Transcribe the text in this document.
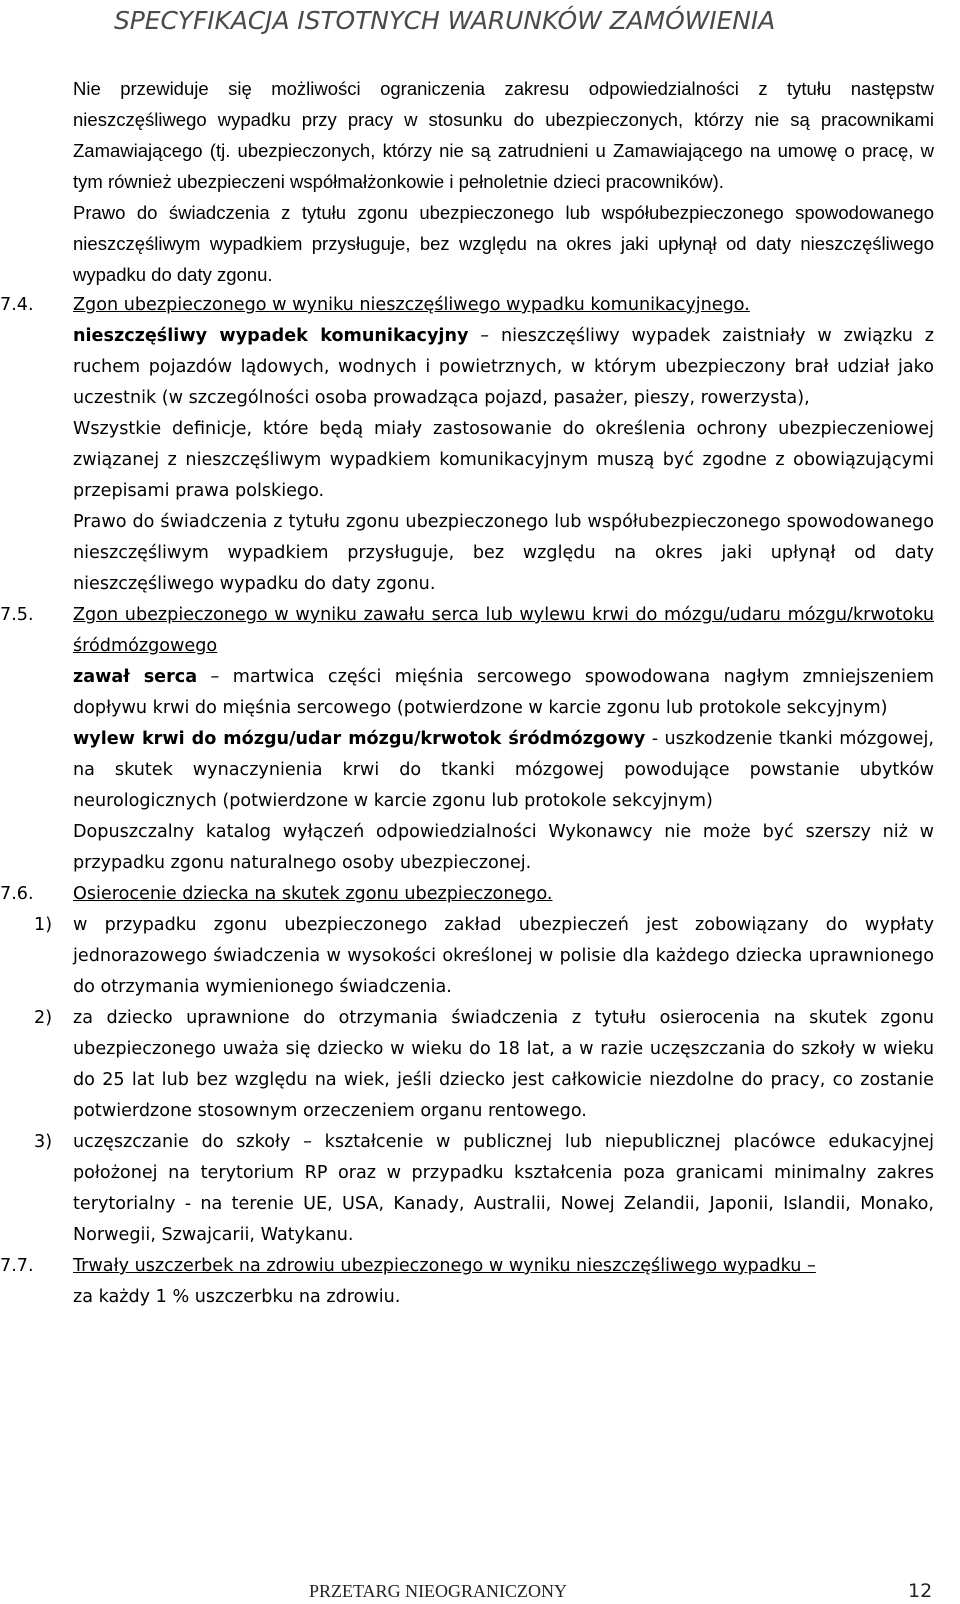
SPECYFIKACJA ISTOTNYCH WARUNKÓW ZAMÓWIENIA
Nie przewiduje się możliwości ograniczenia zakresu odpowiedzialności z tytułu następstw nieszczęśliwego wypadku przy pracy w stosunku do ubezpieczonych, którzy nie są pracownikami Zamawiającego (tj. ubezpieczonych, którzy nie są zatrudnieni u Zamawiającego na umowę o pracę, w tym również ubezpieczeni współmałżonkowie i pełnoletnie dzieci pracowników).
Prawo do świadczenia z tytułu zgonu ubezpieczonego lub współubezpieczonego spowodowanego nieszczęśliwym wypadkiem przysługuje, bez względu na okres jaki upłynął od daty nieszczęśliwego wypadku do daty zgonu.
7.4. Zgon ubezpieczonego w wyniku nieszczęśliwego wypadku komunikacyjnego.
nieszczęśliwy wypadek komunikacyjny – nieszczęśliwy wypadek zaistniały w związku z ruchem pojazdów lądowych, wodnych i powietrznych, w którym ubezpieczony brał udział jako uczestnik (w szczególności osoba prowadząca pojazd, pasażer, pieszy, rowerzysta),
Wszystkie definicje, które będą miały zastosowanie do określenia ochrony ubezpieczeniowej związanej z nieszczęśliwym wypadkiem komunikacyjnym muszą być zgodne z obowiązującymi przepisami prawa polskiego.
Prawo do świadczenia z tytułu zgonu ubezpieczonego lub współubezpieczonego spowodowanego nieszczęśliwym wypadkiem przysługuje, bez względu na okres jaki upłynął od daty nieszczęśliwego wypadku do daty zgonu.
7.5. Zgon ubezpieczonego w wyniku zawału serca lub wylewu krwi do mózgu/udaru mózgu/krwotoku śródmózgowego
zawał serca – martwica części mięśnia sercowego spowodowana nagłym zmniejszeniem dopływu krwi do mięśnia sercowego (potwierdzone w karcie zgonu lub protokole sekcyjnym)
wylew krwi do mózgu/udar mózgu/krwotok śródmózgowy - uszkodzenie tkanki mózgowej, na skutek wynaczynienia krwi do tkanki mózgowej powodujące powstanie ubytków neurologicznych (potwierdzone w karcie zgonu lub protokole sekcyjnym)
Dopuszczalny katalog wyłączeń odpowiedzialności Wykonawcy nie może być szerszy niż w przypadku zgonu naturalnego osoby ubezpieczonej.
7.6. Osierocenie dziecka na skutek zgonu ubezpieczonego.
1) w przypadku zgonu ubezpieczonego zakład ubezpieczeń jest zobowiązany do wypłaty jednorazowego świadczenia w wysokości określonej w polisie dla każdego dziecka uprawnionego do otrzymania wymienionego świadczenia.
2) za dziecko uprawnione do otrzymania świadczenia z tytułu osierocenia na skutek zgonu ubezpieczonego uważa się dziecko w wieku do 18 lat, a w razie uczęszczania do szkoły w wieku do 25 lat lub bez względu na wiek, jeśli dziecko jest całkowicie niezdolne do pracy, co zostanie potwierdzone stosownym orzeczeniem organu rentowego.
3) uczęszczanie do szkoły – kształcenie w publicznej lub niepublicznej placówce edukacyjnej położonej na terytorium RP oraz w przypadku kształcenia poza granicami minimalny zakres terytorialny - na terenie UE, USA, Kanady, Australii, Nowej Zelandii, Japonii, Islandii, Monako, Norwegii, Szwajcarii, Watykanu.
7.7. Trwały uszczerbek na zdrowiu ubezpieczonego w wyniku nieszczęśliwego wypadku –
za każdy 1 % uszczerbku na zdrowiu.
PRZETARG NIEOGRANICZONY	12
